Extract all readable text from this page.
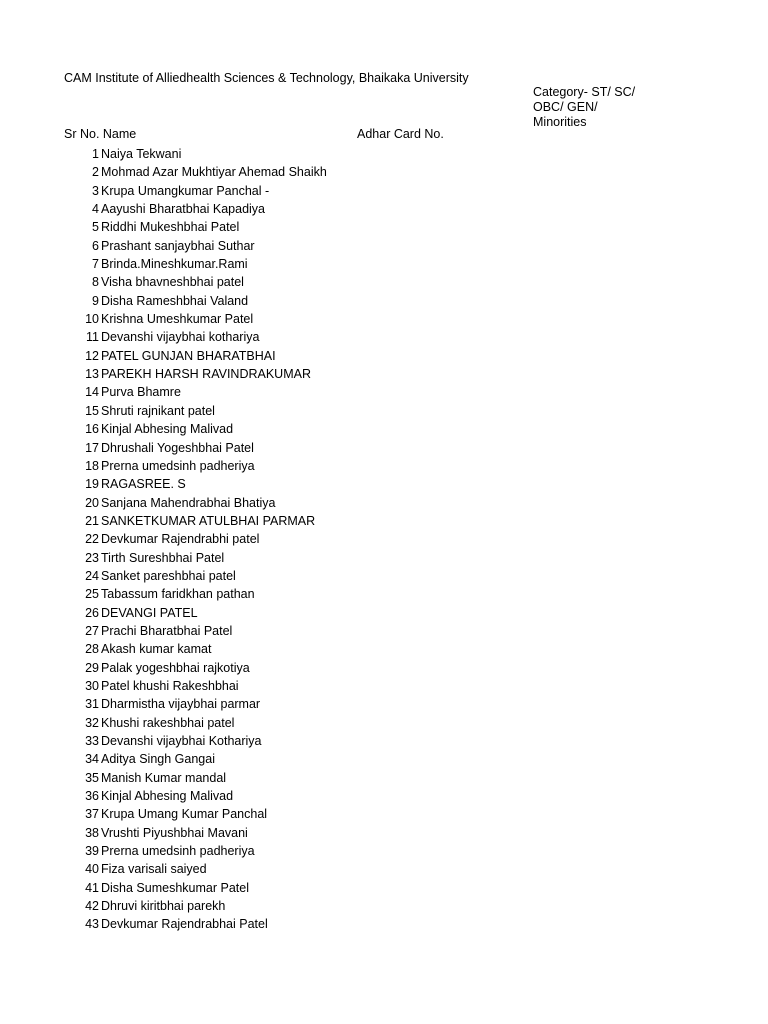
CAM Institute of Alliedhealth Sciences & Technology, Bhaikaka University
Category- ST/ SC/
OBC/ GEN/
Minorities
Sr No. Name	Adhar Card No.
1 Naiya Tekwani
2 Mohmad Azar Mukhtiyar Ahemad Shaikh
3 Krupa Umangkumar Panchal -
4 Aayushi Bharatbhai Kapadiya
5 Riddhi Mukeshbhai Patel
6 Prashant sanjaybhai Suthar
7 Brinda.Mineshkumar.Rami
8 Visha bhavneshbhai patel
9 Disha Rameshbhai Valand
10 Krishna Umeshkumar Patel
11 Devanshi vijaybhai kothariya
12 PATEL GUNJAN BHARATBHAI
13 PAREKH HARSH RAVINDRAKUMAR
14 Purva Bhamre
15 Shruti rajnikant patel
16 Kinjal Abhesing Malivad
17 Dhrushali Yogeshbhai Patel
18 Prerna umedsinh padheriya
19 RAGASREE. S
20 Sanjana Mahendrabhai Bhatiya
21 SANKETKUMAR ATULBHAI PARMAR
22 Devkumar Rajendrabhi patel
23 Tirth Sureshbhai Patel
24 Sanket pareshbhai patel
25 Tabassum faridkhan pathan
26 DEVANGI PATEL
27 Prachi Bharatbhai Patel
28 Akash kumar kamat
29 Palak yogeshbhai rajkotiya
30 Patel khushi Rakeshbhai
31 Dharmistha vijaybhai parmar
32 Khushi rakeshbhai patel
33 Devanshi vijaybhai Kothariya
34 Aditya Singh Gangai
35 Manish Kumar mandal
36 Kinjal Abhesing Malivad
37 Krupa Umang Kumar Panchal
38 Vrushti Piyushbhai Mavani
39 Prerna umedsinh padheriya
40 Fiza varisali saiyed
41 Disha Sumeshkumar Patel
42 Dhruvi kiritbhai parekh
43 Devkumar Rajendrabhai Patel
